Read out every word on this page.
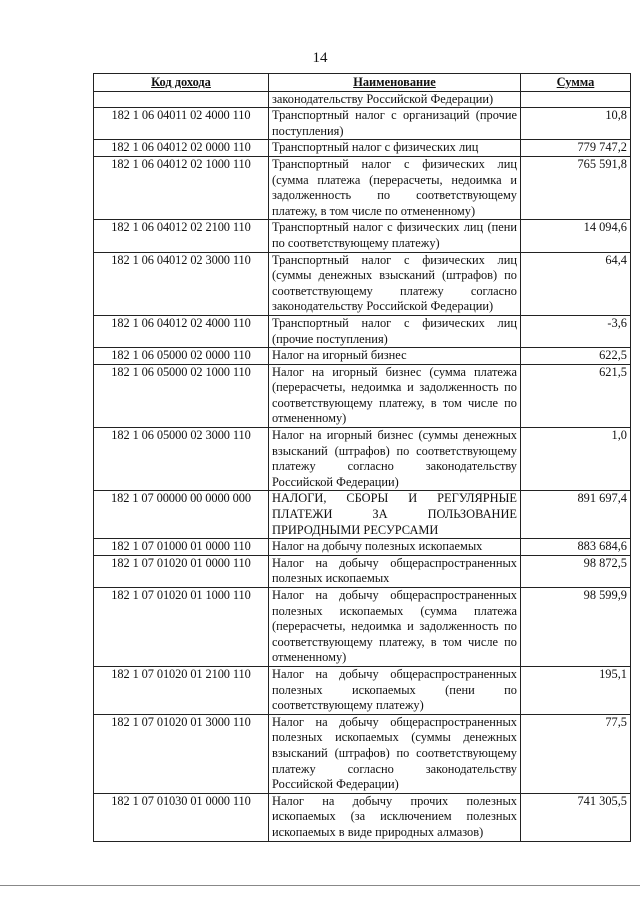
14
Код дохода	Наименование	Сумма
	законодательству Российской Федерации)	
182 1 06 04011 02 4000 110	Транспортный налог с организаций (прочие поступления)	10,8
182 1 06 04012 02 0000 110	Транспортный налог с физических лиц	779 747,2
182 1 06 04012 02 1000 110	Транспортный налог с физических лиц (сумма платежа (перерасчеты, недоимка и задолженность по соответствующему платежу, в том числе по отмененному)	765 591,8
182 1 06 04012 02 2100 110	Транспортный налог с физических лиц (пени по соответствующему платежу)	14 094,6
182 1 06 04012 02 3000 110	Транспортный налог с физических лиц (суммы денежных взысканий (штрафов) по соответствующему платежу согласно законодательству Российской Федерации)	64,4
182 1 06 04012 02 4000 110	Транспортный налог с физических лиц (прочие поступления)	-3,6
182 1 06 05000 02 0000 110	Налог на игорный бизнес	622,5
182 1 06 05000 02 1000 110	Налог на игорный бизнес (сумма платежа (перерасчеты, недоимка и задолженность по соответствующему платежу, в том числе по отмененному)	621,5
182 1 06 05000 02 3000 110	Налог на игорный бизнес (суммы денежных взысканий (штрафов) по соответствующему платежу согласно законодательству Российской Федерации)	1,0
182 1 07 00000 00 0000 000	НАЛОГИ, СБОРЫ И РЕГУЛЯРНЫЕ ПЛАТЕЖИ ЗА ПОЛЬЗОВАНИЕ ПРИРОДНЫМИ РЕСУРСАМИ	891 697,4
182 1 07 01000 01 0000 110	Налог на добычу полезных ископаемых	883 684,6
182 1 07 01020 01 0000 110	Налог на добычу общераспространенных полезных ископаемых	98 872,5
182 1 07 01020 01 1000 110	Налог на добычу общераспространенных полезных ископаемых (сумма платежа (перерасчеты, недоимка и задолженность по соответствующему платежу, в том числе по отмененному)	98 599,9
182 1 07 01020 01 2100 110	Налог на добычу общераспространенных полезных ископаемых (пени по соответствующему платежу)	195,1
182 1 07 01020 01 3000 110	Налог на добычу общераспространенных полезных ископаемых (суммы денежных взысканий (штрафов) по соответствующему платежу согласно законодательству Российской Федерации)	77,5
182 1 07 01030 01 0000 110	Налог на добычу прочих полезных ископаемых (за исключением полезных ископаемых в виде природных алмазов)	741 305,5
